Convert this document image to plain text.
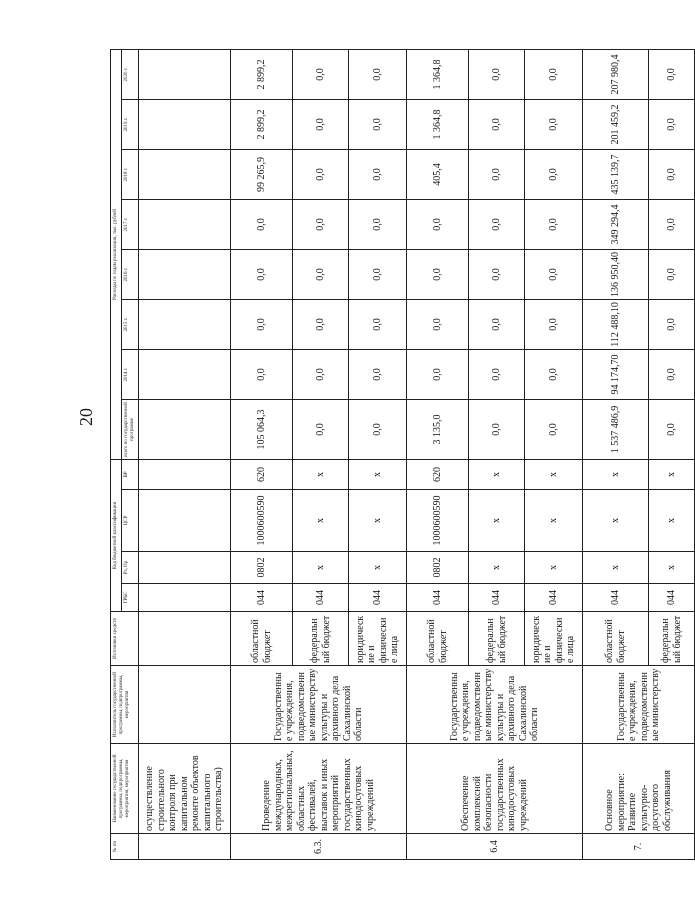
20
№ пп	Наименование государственной программы, подпрограммы, мероприятия, мероприятия	Исполнитель государственной программы, подпрограммы, мероприятия	Источники средств	Код бюджетной классификации				Расходы по годам реализации, тыс. рублей							
				ГРБС	Рз, Пр	ЦСР	ВР	всего по государственной программе	2014 г.	2015 г.	2016 г.	2017 г.	2018 г.	2019 г.	2020 г.

	осуществление строительного контроля при капитальном ремонте объектов капитального строительства)														
6.3.	Проведение международных, межрегиональных, областных фестивалей, выставок и иных мероприятий государственных кинодосуговых учреждений	Государственные учреждения, подведомственные министерству культуры и архивного дела Сахалинской области	областной бюджет	044	0802	1000600590	620	105 064,3	0,0	0,0	0,0	0,0	99 265,9	2 899,2	2 899,2
			федеральный бюджет	044	х	х	х	0,0	0,0	0,0	0,0	0,0	0,0	0,0	0,0
			юридические и физические лица	044	х	х	х	0,0	0,0	0,0	0,0	0,0	0,0	0,0	0,0
6.4	Обеспечение комплексной безопасности государственных кинодосуговых учреждений	Государственные учреждения, подведомственные министерству культуры и архивного дела Сахалинской области	областной бюджет	044	0802	1000600590	620	3 135,0	0,0	0,0	0,0	0,0	405,4	1 364,8	1 364,8
			федеральный бюджет	044	х	х	х	0,0	0,0	0,0	0,0	0,0	0,0	0,0	0,0
			юридические и физические лица	044	х	х	х	0,0	0,0	0,0	0,0	0,0	0,0	0,0	0,0
7.	Основное мероприятие: Развитие культурно-досугового обслуживания	Государственные учреждения, подведомственные министерству	областной бюджет	044	х	х	х	1 537 486,9	94 174,70	112 488,10	136 950,40	349 294,4	435 139,7	201 459,2	207 980,4
			федеральный бюджет	044	х	х	х	0,0	0,0	0,0	0,0	0,0	0,0	0,0	0,0
